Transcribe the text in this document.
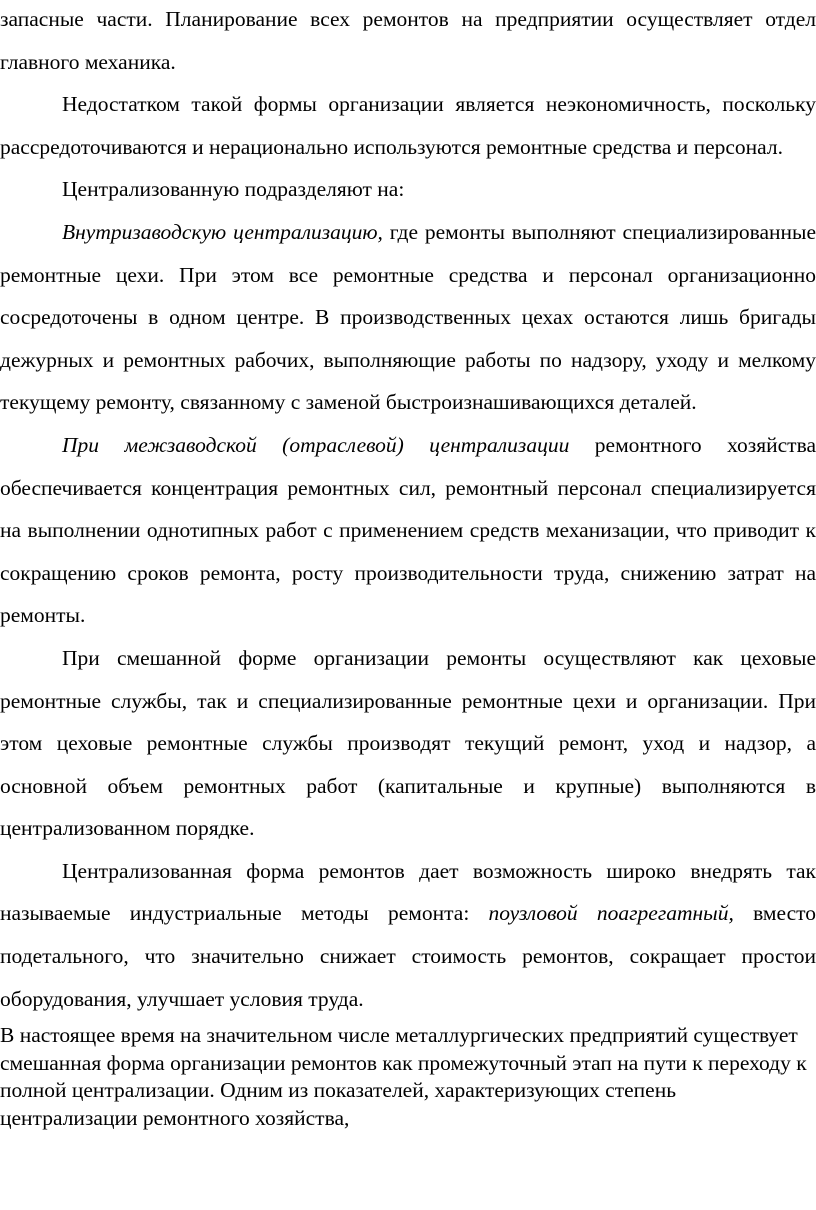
запасные части. Планирование всех ремонтов на предприятии осуществляет отдел главного механика.

Недостатком такой формы организации является неэкономичность, поскольку рассредоточиваются и нерационально используются ремонтные средства и персонал.

Централизованную подразделяют на:

Внутризаводскую централизацию, где ремонты выполняют специализированные ремонтные цехи. При этом все ремонтные средства и персонал организационно сосредоточены в одном центре. В производственных цехах остаются лишь бригады дежурных и ремонтных рабочих, выполняющие работы по надзору, уходу и мелкому текущему ремонту, связанному с заменой быстроизнашивающихся деталей.

При межзаводской (отраслевой) централизации ремонтного хозяйства обеспечивается концентрация ремонтных сил, ремонтный персонал специализируется на выполнении однотипных работ с применением средств механизации, что приводит к сокращению сроков ремонта, росту производительности труда, снижению затрат на ремонты.

При смешанной форме организации ремонты осуществляют как цеховые ремонтные службы, так и специализированные ремонтные цехи и организации. При этом цеховые ремонтные службы производят текущий ремонт, уход и надзор, а основной объем ремонтных работ (капитальные и крупные) выполняются в централизованном порядке.

Централизованная форма ремонтов дает возможность широко внедрять так называемые индустриальные методы ремонта: поузловой поагрегатный, вместо подетального, что значительно снижает стоимость ремонтов, сокращает простои оборудования, улучшает условия труда.

В настоящее время на значительном числе металлургических предприятий существует смешанная форма организации ремонтов как промежуточный этап на пути к переходу к полной централизации. Одним из показателей, характеризующих степень централизации ремонтного хозяйства,
